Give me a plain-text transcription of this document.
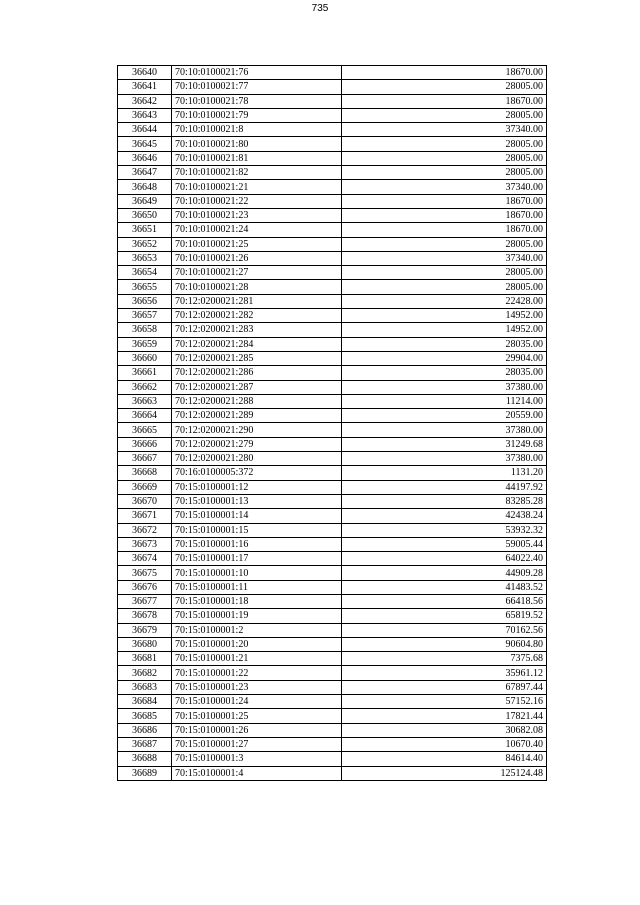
735
36640	70:10:0100021:76	18670.00
36641	70:10:0100021:77	28005.00
36642	70:10:0100021:78	18670.00
36643	70:10:0100021:79	28005.00
36644	70:10:0100021:8	37340.00
36645	70:10:0100021:80	28005.00
36646	70:10:0100021:81	28005.00
36647	70:10:0100021:82	28005.00
36648	70:10:0100021:21	37340.00
36649	70:10:0100021:22	18670.00
36650	70:10:0100021:23	18670.00
36651	70:10:0100021:24	18670.00
36652	70:10:0100021:25	28005.00
36653	70:10:0100021:26	37340.00
36654	70:10:0100021:27	28005.00
36655	70:10:0100021:28	28005.00
36656	70:12:0200021:281	22428.00
36657	70:12:0200021:282	14952.00
36658	70:12:0200021:283	14952.00
36659	70:12:0200021:284	28035.00
36660	70:12:0200021:285	29904.00
36661	70:12:0200021:286	28035.00
36662	70:12:0200021:287	37380.00
36663	70:12:0200021:288	11214.00
36664	70:12:0200021:289	20559.00
36665	70:12:0200021:290	37380.00
36666	70:12:0200021:279	31249.68
36667	70:12:0200021:280	37380.00
36668	70:16:0100005:372	1131.20
36669	70:15:0100001:12	44197.92
36670	70:15:0100001:13	83285.28
36671	70:15:0100001:14	42438.24
36672	70:15:0100001:15	53932.32
36673	70:15:0100001:16	59005.44
36674	70:15:0100001:17	64022.40
36675	70:15:0100001:10	44909.28
36676	70:15:0100001:11	41483.52
36677	70:15:0100001:18	66418.56
36678	70:15:0100001:19	65819.52
36679	70:15:0100001:2	70162.56
36680	70:15:0100001:20	90604.80
36681	70:15:0100001:21	7375.68
36682	70:15:0100001:22	35961.12
36683	70:15:0100001:23	67897.44
36684	70:15:0100001:24	57152.16
36685	70:15:0100001:25	17821.44
36686	70:15:0100001:26	30682.08
36687	70:15:0100001:27	10670.40
36688	70:15:0100001:3	84614.40
36689	70:15:0100001:4	125124.48
